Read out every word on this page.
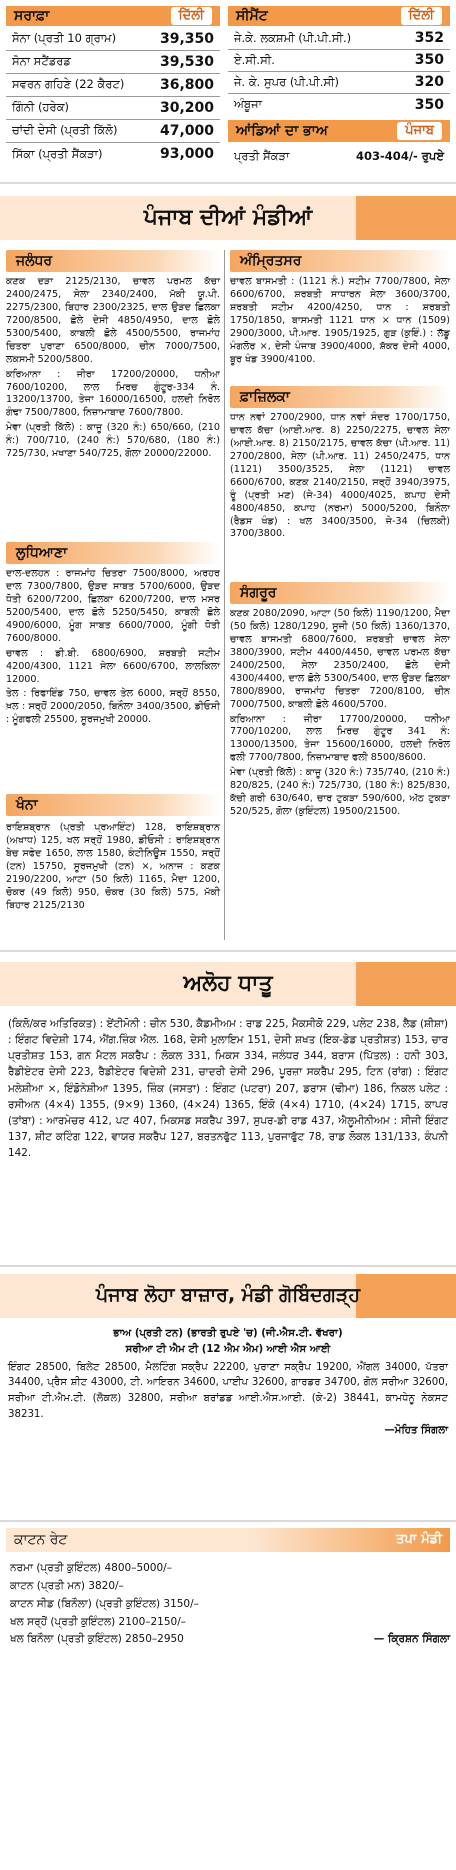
ਸਰਾਫ਼ਾ	ਦਿੱਲੀ
ਸੋਨਾ (ਪ੍ਰਤੀ 10 ਗ੍ਰਾਮ)	39,350
ਸੋਨਾ ਸਟੈਂਡਰਡ	39,530
ਸਵਰਨ ਗਹਿਣੇ (22 ਕੈਰਟ)	36,800
ਗਿੰਨੀ (ਹਰੇਕ)	30,200
ਚਾਂਦੀ ਦੇਸੀ (ਪ੍ਰਤੀ ਕਿੱਲੋ)	47,000
ਸਿੱਕਾ (ਪ੍ਰਤੀ ਸੈਂਕੜਾ)	93,000
ਸੀਮੈਂਟ	ਦਿੱਲੀ
ਜੇ.ਕੇ. ਲਕਸ਼ਮੀ (ਪੀ.ਪੀ.ਸੀ.)	352
ਏ.ਸੀ.ਸੀ.	350
ਜੇ. ਕੇ. ਸੁਪਰ (ਪੀ.ਪੀ.ਸੀ)	320
ਅੰਬੂਜਾ	350
ਆਂਡਿਆਂ ਦਾ ਭਾਅ	ਪੰਜਾਬ
ਪ੍ਰਤੀ ਸੈਂਕੜਾ	403-404/- ਰੁਪਏ
ਪੰਜਾਬ ਦੀਆਂ ਮੰਡੀਆਂ
ਜਲੰਧਰ
ਕਣਕ ਦੜਾ 2125/2130, ਚਾਵਲ ਪਰਮਲ ਕੱਚਾ 2400/2475, ਸੇਲਾ 2340/2400, ਮੱਕੀ ਯੂ.ਪੀ. 2275/2300, ਬਿਹਾਰ 2300/2325, ਦਾਲ ਉੜਦ ਛਿਲਕਾ 7200/8500, ਛੋਲੇ ਦੇਸੀ 4850/4950, ਦਾਲ ਛੋਲੇ 5300/5400, ਕਾਬਲੀ ਛੋਲੇ 4500/5500, ਰਾਜਮਾਂਹ ਚਿਤਰਾ ਪੁਰਾਣਾ 6500/8000, ਚੀਨ 7000/7500, ਲਕਸਮੀ 5200/5800.
ਕਰਿਆਨਾ : ਜੀਰਾ 17200/20000, ਧਨੀਆ 7600/10200, ਲਾਲ ਮਿਰਚ ਗੁੰਟੂਰ-334 ਨੰ. 13200/13700, ਤੇਜਾ 16000/16500, ਹਲਦੀ ਨਿਰੋਲ ਗੰਢਾ 7500/7800, ਨਿਜ਼ਾਮਾਬਾਦ 7600/7800.
ਮੇਵਾ (ਪ੍ਰਤੀ ਕਿੱਲੋ) : ਕਾਜੂ (320 ਨੰ:) 650/660, (210 ਨੰ:) 700/710, (240 ਨੰ:) 570/680, (180 ਨੰ:) 725/730, ਮਖਾਣਾ 540/725, ਗੋਲਾ 20000/22000.
ਲੁਧਿਆਣਾ
ਦਾਲ-ਦਲਹਨ : ਰਾਜਮਾਂਹ ਚਿਤਰਾ 7500/8000, ਅਰਹਰ ਦਾਲ 7300/7800, ਉੜਦ ਸਾਬਤ 5700/6000, ਉੜਦ ਧੋਤੀ 6200/7200, ਛਿਲਕਾ 6200/7200, ਦਾਲ ਮਸਰ 5200/5400, ਦਾਲ ਛੋਲੇ 5250/5450, ਕਾਬਲੀ ਛੋਲੇ 4900/6000, ਮੂੰਗ ਸਾਬਤ 6600/7000, ਮੂੰਗੀ ਧੋਤੀ 7600/8000.
ਚਾਵਲ : ਡੀ.ਬੀ. 6800/6900, ਸ਼ਰਬਤੀ ਸਟੀਮ 4200/4300, 1121 ਸੇਲਾ 6600/6700, ਲਾਲਕਿਲਾ 12000.
ਤੇਲ : ਰਿਫਾਇੰਡ 750, ਚਾਵਲ ਤੇਲ 6000, ਸਰ੍ਹੋਂ 8550, ਖ਼ਲ : ਸਰ੍ਹੋਂ 2000/2050, ਬਿਨੌਲਾ 3400/3500, ਡੀਓਸੀ : ਮੂੰਗਫਲੀ 25500, ਸੂਰਜਮੁਖੀ 20000.
ਖੰਨਾ
ਰਾਇਸ਼ਬ੍ਰਾਨ (ਪ੍ਰਤੀ ਪ੍ਰਆਇੰਟ) 128, ਰਾਇਸ਼ਬ੍ਰਾਨ (ਅਖਾਧ) 125, ਖਲ ਸਰ੍ਹੋਂ 1980, ਡੀਓਸੀ : ਰਾਇਸ਼ਬ੍ਰਾਨ ਬੇਚ ਸਫੇਦ 1650, ਲਾਲ 1580, ਕੰਟੀਨਿਊਸ 1550, ਸਰ੍ਹੋਂ (ਟਨ) 15750, ਸੂਰਜਮੁਖੀ (ਟਨ) ×, ਅਨਾਜ : ਕਣਕ 2190/2200, ਆਟਾ (50 ਕਿਲੋ) 1165, ਮੈਦਾ 1200, ਚੋਕਰ (49 ਕਿਲੋ) 950, ਚੋਕਰ (30 ਕਿਲੋ) 575, ਮੱਕੀ ਬਿਹਾਰ 2125/2130
ਅੰਮ੍ਰਿਤਸਰ
ਚਾਵਲ ਬਾਸਮਤੀ : (1121 ਨੰ.) ਸਟੀਮ 7700/7800, ਸੇਲਾ 6600/6700, ਸ਼ਰਬਤੀ ਸਾਧਾਰਨ ਸੇਲਾ 3600/3700, ਸ਼ਰਬਤੀ ਸਟੀਮ 4200/4250, ਧਾਨ : ਸ਼ਰਬਤੀ 1750/1850, ਬਾਸਮਤੀ 1121 ਧਾਨ × ਧਾਨ (1509) 2900/3000, ਪੀ.ਆਰ. 1905/1925, ਗੁੜ (ਕੁਇੰ.) : ਲੱਡੂ ਮੰਗਲੋਰ ×, ਦੇਸੀ ਪੰਜਾਬ 3900/4000, ਸ਼ੱਕਰ ਦੇਸੀ 4000, ਬੂਰ ਖੰਡ 3900/4100.
ਫ਼ਾਜ਼ਿਲਕਾ
ਧਾਨ ਨਵਾਂ 2700/2900, ਧਾਨ ਨਵਾਂ ਸੰਦਰ 1700/1750, ਚਾਵਲ ਕੱਚਾ (ਆਈ.ਆਰ. 8) 2250/2275, ਚਾਵਲ ਸੇਲਾ (ਆਈ.ਆਰ. 8) 2150/2175, ਚਾਵਲ ਕੱਚਾ (ਪੀ.ਆਰ. 11) 2700/2800, ਸੇਲਾ (ਪੀ.ਆਰ. 11) 2450/2475, ਧਾਨ (1121) 3500/3525, ਸੇਲਾ (1121) ਚਾਵਲ 6600/6700, ਕਣਕ 2140/2150, ਸਰ੍ਹੋਂ 3940/3975, ਰੂੰ (ਪ੍ਰਤੀ ਮਣ) (ਜੇ-34) 4000/4025, ਕਪਾਹ ਦੇਸੀ 4800/4850, ਕਪਾਹ (ਨਰਮਾ) 5000/5200, ਬਿਨੌਲਾ (ਰੈਡਸ ਖੰਡ) : ਖਲ 3400/3500, ਜੇ-34 (ਚਿਲਕੀ) 3700/3800.
ਸੰਗਰੂਰ
ਕਣਕ 2080/2090, ਆਟਾ (50 ਕਿਲੋ) 1190/1200, ਮੈਦਾ (50 ਕਿਲੋ) 1280/1290, ਸੂਜੀ (50 ਕਿਲੋ) 1360/1370, ਚਾਵਲ ਬਾਸਮਤੀ 6800/7600, ਸ਼ਰਬਤੀ ਚਾਵਲ ਸੇਲਾ 3800/3900, ਸਟੀਮ 4400/4450, ਚਾਵਲ ਪਰਮਲ ਕੱਚਾ 2400/2500, ਸੇਲਾ 2350/2400, ਛੋਲੇ ਦੇਸੀ 4300/4400, ਦਾਲ ਛੋਲੇ 5300/5400, ਦਾਲ ਉੜਦ ਛਿਲਕਾ 7800/8900, ਰਾਜਮਾਂਹ ਚਿਤਰਾ 7200/8100, ਚੀਨ 7000/7500, ਕਾਬਲੀ ਛੋਲੇ 4600/5700.
ਕਰਿਆਨਾ : ਜੀਰਾ 17700/20000, ਧਨੀਆ 7700/10200, ਲਾਲ ਮਿਰਚ ਗੁੰਟੂਰ 341 ਨੰ: 13000/13500, ਤੇਜਾ 15600/16000, ਹਲਦੀ ਨਿਰੋਲ ਫਲੀ 7700/7800, ਨਿਜ਼ਾਮਾਬਾਦ ਫਲੀ 8500/8600.
ਮੇਵਾ (ਪ੍ਰਤੀ ਕਿੱਲੋ) : ਕਾਜੂ (320 ਨੰ:) 735/740, (210 ਨੰ:) 820/825, (240 ਨੰ:) 725/730, (180 ਨੰ:) 825/830, ਕੱਚੀ ਗਰੀ 630/640, ਚਾਰ ਟੁਕੜਾ 590/600, ਅੱਠ ਟੁਕੜਾ 520/525, ਗੋਲਾ (ਕੁਇੰਟਲ) 19500/21500.
ਅਲੋਹ ਧਾਤੂ
(ਕਿਲੋ/ਕਰ ਅਤਿਰਿਕਤ) : ਏਂਟੀਮੋਨੀ : ਚੀਨ 530, ਕੈਡਮੀਅਮ : ਰਾਡ 225, ਮੈਕਸੀਕੋ 229, ਪਲੇਟ 238, ਲੈਡ (ਸ਼ੀਸ਼ਾ) : ਇੰਗਟ ਵਿਦੇਸ਼ੀ 174, ਐਂਗ.ਜ਼ਿੰਕ ਐਲ. 168, ਦੇਸੀ ਮੁਲਾਇਮ 151, ਦੇਸੀ ਸ਼ਖਤ (ਇਕ-ਡੇਡ ਪ੍ਰਤੀਸ਼ਤ) 153, ਚਾਰ ਪ੍ਰਤੀਸ਼ਤ 153, ਗਨ ਮੈਟਲ ਸਕਰੈਪ : ਲੋਕਲ 331, ਮਿਕਸ 334, ਜਲੰਧਰ 344, ਬਰਾਸ (ਪਿੱਤਲ) : ਹਨੀ 303, ਰੈਡੀਏਟਰ ਦੇਸੀ 223, ਰੈਡੀਏਟਰ ਵਿਦੇਸ਼ੀ 231, ਚਾਦਰੀ ਦੇਸੀ 296, ਪੂਰਜ਼ਾ ਸਕਰੈਪ 295, ਟਿਨ (ਰਾਂਗ) : ਇੰਗਟ ਮਲੇਸ਼ੀਆ ×, ਇੰਡੋਨੇਸ਼ੀਆ 1395, ਜ਼ਿੰਕ (ਜਸਤਾ) : ਇੰਗਟ (ਪਟਰਾ) 207, ਡਰਾਸ (ਢੀਮਾ) 186, ਨਿਕਲ ਪਲੇਟ : ਰਸੀਅਨ (4×4) 1355, (9×9) 1360, (4×24) 1365, ਇੰਕੋ (4×4) 1710, (4×24) 1715, ਕਾਪਰ (ਤਾਂਬਾ) : ਆਰਮੇਚਰ 412, ਪਟ 407, ਮਿਕਸਡ ਸਕਰੈਪ 397, ਸੁਪਰ-ਡੀ ਰਾਡ 437, ਐਲੂਮੀਨੀਅਮ : ਸੀਜੀ ਇੰਗਟ 137, ਸ਼ੀਟ ਕਟਿੰਗ 122, ਵਾਯਰ ਸਕਰੈਪ 127, ਬਰਤਨਫੁੱਟ 113, ਪੁਰਜਾਫੁੱਟ 78, ਰਾਡ ਲੋਕਲ 131/133, ਕੰਪਨੀ 142.
ਪੰਜਾਬ ਲੋਹਾ ਬਾਜ਼ਾਰ, ਮੰਡੀ ਗੋਬਿੰਦਗੜ੍ਹ
ਭਾਅ (ਪ੍ਰਤੀ ਟਨ) (ਭਾਰਤੀ ਰੁਪਏ 'ਚ) (ਜੀ.ਐਸ.ਟੀ. ਵੱਖਰਾ)
ਸਰੀਆ ਟੀ ਐਮ ਟੀ (12 ਐਮ ਐਮ) ਆਈ ਐਸ ਆਈ
ਇੰਗਟ 28500, ਬਿਲੇਟ 28500, ਮੈਲਟਿੰਗ ਸਕ੍ਰੈਪ 22200, ਪੁਰਾਣਾ ਸਕ੍ਰੈਪ 19200, ਐਂਗਲ 34000, ਪੱਤਰਾ 34400, ਪ੍ਰੈਸ ਸ਼ੀਟ 43000, ਟੀ. ਆਇਰਨ 34600, ਪਾਈਪ 32600, ਗਾਰਡਰ 34700, ਗੋਲ ਸਰੀਆ 32600, ਸਰੀਆ ਟੀ.ਐਮ.ਟੀ. (ਲੋਕਲ) 32800, ਸਰੀਆ ਬਰਾਂਡਡ ਆਈ.ਐਸ.ਆਈ. (ਕੇ-2) 38441, ਕਾਮਧੇਨੂ ਨੇਕਸਟ 38231.
—ਮੋਹਿਤ ਸਿੰਗਲਾ
ਕਾਟਨ ਰੇਟ	ਤਪਾ ਮੰਡੀ
ਨਰਮਾ (ਪ੍ਰਤੀ ਕੁਇੰਟਲ) 4800–5000/–
ਕਾਟਨ (ਪ੍ਰਤੀ ਮਨ) 3820/–
ਕਾਟਨ ਸੀਡ (ਬਿਨੌਲਾ) (ਪ੍ਰਤੀ ਕੁਇੰਟਲ) 3150/–
ਖਲ ਸਰ੍ਹੋਂ (ਪ੍ਰਤੀ ਕੁਇੰਟਲ) 2100–2150/–
ਖਲ ਬਿਨੌਲਾ (ਪ੍ਰਤੀ ਕੁਇੰਟਲ) 2850–2950	— ਕ੍ਰਿਸ਼ਨ ਸਿੰਗਲਾ
